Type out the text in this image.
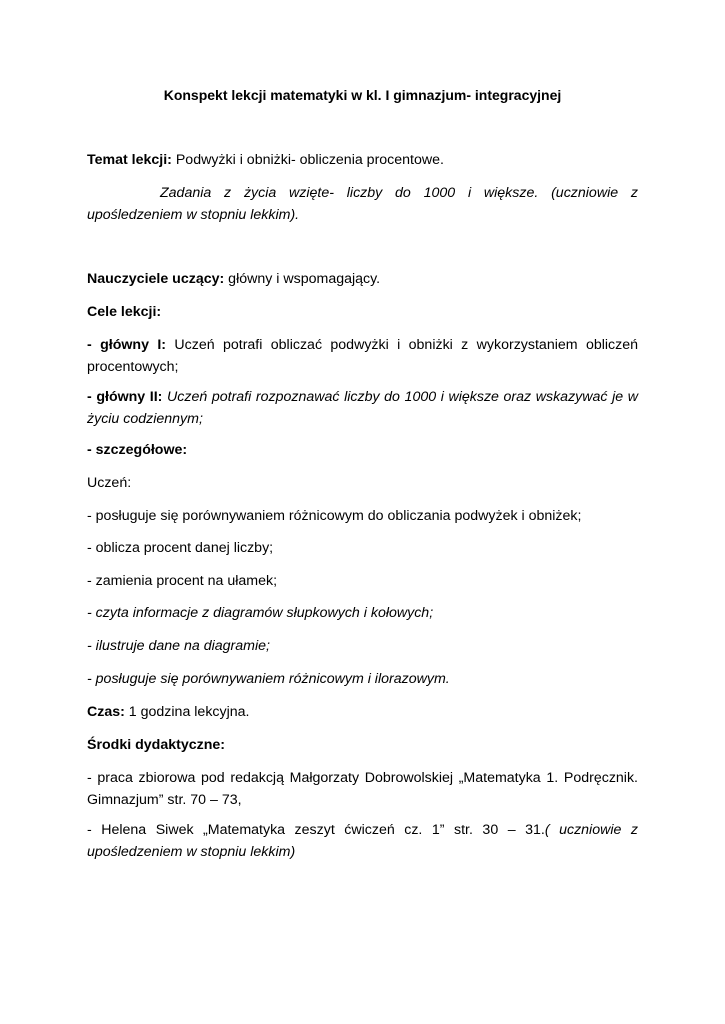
Konspekt lekcji matematyki w kl. I gimnazjum- integracyjnej
Temat lekcji: Podwyżki i obniżki- obliczenia procentowe.
Zadania z życia wzięte- liczby do 1000 i większe. (uczniowie z upośledzeniem w stopniu lekkim).
Nauczyciele uczący: główny i wspomagający.
Cele lekcji:
- główny I: Uczeń potrafi obliczać podwyżki i obniżki z wykorzystaniem obliczeń procentowych;
- główny II: Uczeń potrafi rozpoznawać liczby do 1000 i większe oraz wskazywać je w życiu codziennym;
- szczegółowe:
Uczeń:
- posługuje się porównywaniem różnicowym do obliczania podwyżek i obniżek;
- oblicza procent danej liczby;
- zamienia procent na ułamek;
- czyta informacje z diagramów słupkowych i kołowych;
- ilustruje dane na diagramie;
- posługuje się porównywaniem różnicowym i ilorazowym.
Czas: 1 godzina lekcyjna.
Środki dydaktyczne:
- praca zbiorowa pod redakcją Małgorzaty Dobrowolskiej „Matematyka 1. Podręcznik. Gimnazjum” str. 70 – 73,
- Helena Siwek „Matematyka zeszyt ćwiczeń cz. 1” str. 30 – 31.( uczniowie z upośledzeniem w stopniu lekkim)
